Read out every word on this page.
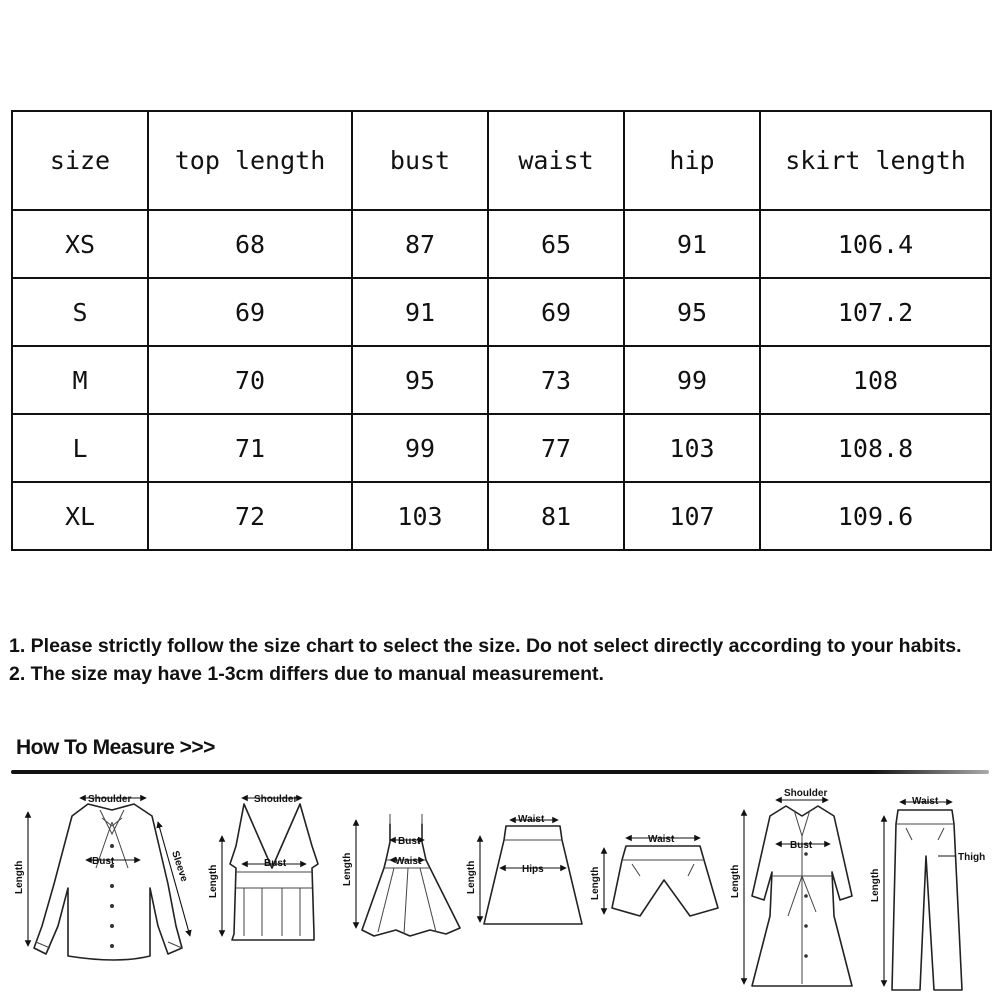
size	top length	bust	waist	hip	skirt length
XS	68	87	65	91	106.4
S	69	91	69	95	107.2
M	70	95	73	99	108
L	71	99	77	103	108.8
XL	72	103	81	107	109.6

1. Please strictly follow the size chart to select the size. Do not select directly according to your habits.

2. The size may have 1-3cm differs due to manual measurement.

How To Measure >>>
Shoulder
Length	Bust	Sleeve
Shoulder
Length
Bust	Length
Bust
Waist
Waist
Length	Hips
Waist
Length
Shoulder
Length
Bust
Waist
Length
Thigh
